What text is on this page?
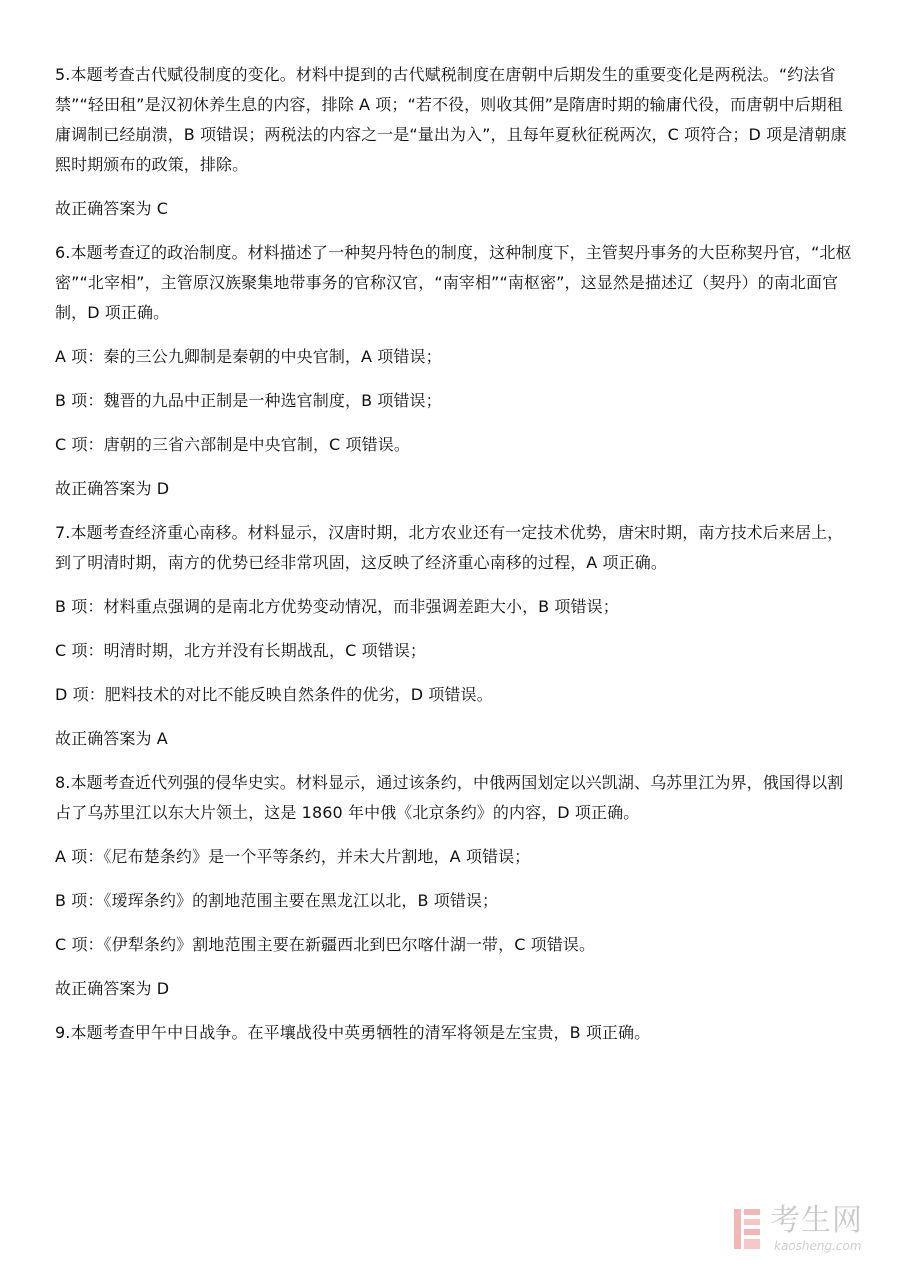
5.本题考查古代赋役制度的变化。材料中提到的古代赋税制度在唐朝中后期发生的重要变化是两税法。“约法省禁”“轻田租”是汉初休养生息的内容，排除 A 项；“若不役，则收其佣”是隋唐时期的输庸代役，而唐朝中后期租庸调制已经崩溃，B 项错误；两税法的内容之一是“量出为入”，且每年夏秋征税两次，C 项符合；D 项是清朝康熙时期颁布的政策，排除。

故正确答案为 C

6.本题考查辽的政治制度。材料描述了一种契丹特色的制度，这种制度下，主管契丹事务的大臣称契丹官，“北枢密”“北宰相”，主管原汉族聚集地带事务的官称汉官，“南宰相”“南枢密”，这显然是描述辽（契丹）的南北面官制，D 项正确。

A 项：秦的三公九卿制是秦朝的中央官制，A 项错误；

B 项：魏晋的九品中正制是一种选官制度，B 项错误；

C 项：唐朝的三省六部制是中央官制，C 项错误。

故正确答案为 D

7.本题考查经济重心南移。材料显示，汉唐时期，北方农业还有一定技术优势，唐宋时期，南方技术后来居上，到了明清时期，南方的优势已经非常巩固，这反映了经济重心南移的过程，A 项正确。

B 项：材料重点强调的是南北方优势变动情况，而非强调差距大小，B 项错误；

C 项：明清时期，北方并没有长期战乱，C 项错误；

D 项：肥料技术的对比不能反映自然条件的优劣，D 项错误。

故正确答案为 A

8.本题考查近代列强的侵华史实。材料显示，通过该条约，中俄两国划定以兴凯湖、乌苏里江为界，俄国得以割占了乌苏里江以东大片领土，这是 1860 年中俄《北京条约》的内容，D 项正确。

A 项：《尼布楚条约》是一个平等条约，并未大片割地，A 项错误；

B 项：《瑷珲条约》的割地范围主要在黑龙江以北，B 项错误；

C 项：《伊犁条约》割地范围主要在新疆西北到巴尔喀什湖一带，C 项错误。

故正确答案为 D

9.本题考查甲午中日战争。在平壤战役中英勇牺牲的清军将领是左宝贵，B 项正确。

考生网
kaosheng.com
